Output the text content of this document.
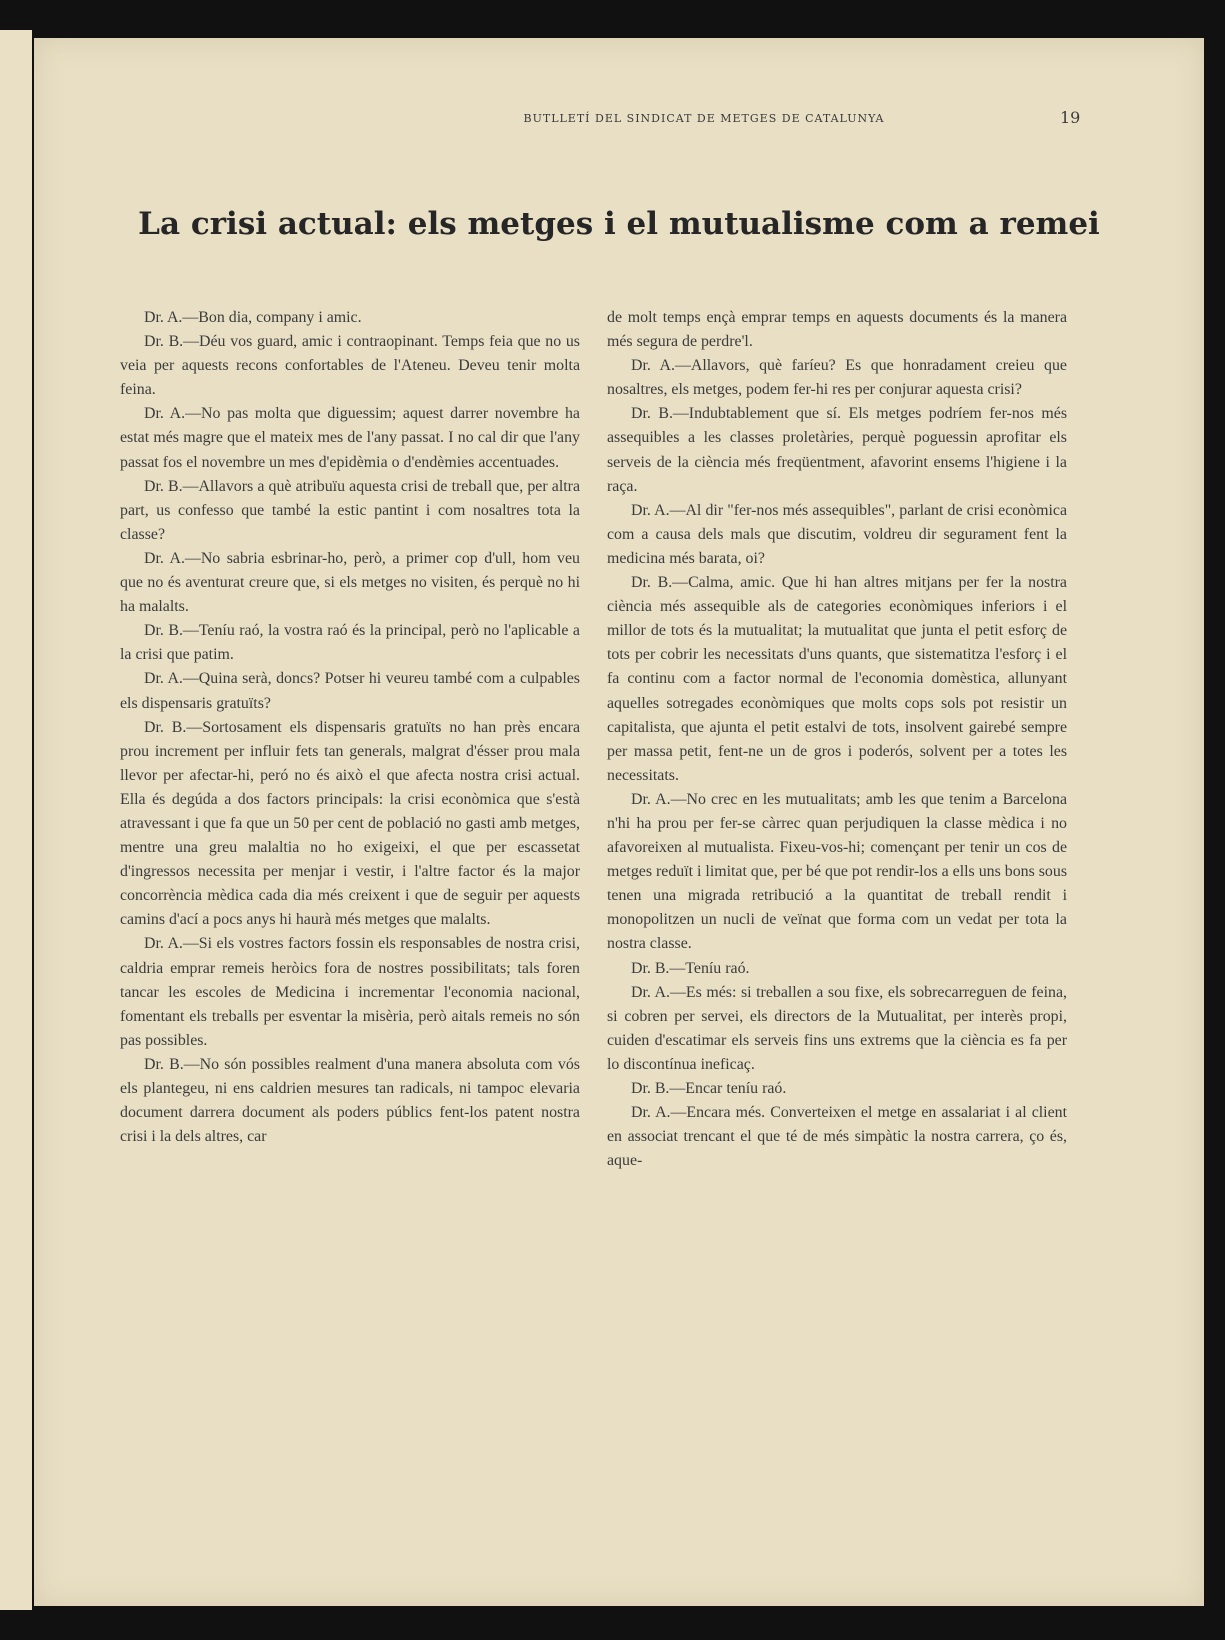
BUTLLETÍ DEL SINDICAT DE METGES DE CATALUNYA	19
La crisi actual: els metges i el mutualisme com a remei

Dr. A.—Bon dia, company i amic.

Dr. B.—Déu vos guard, amic i contraopinant. Temps feia que no us veia per aquests recons confortables de l'Ateneu. Deveu tenir molta feina.

Dr. A.—No pas molta que diguessim; aquest darrer novembre ha estat més magre que el mateix mes de l'any passat. I no cal dir que l'any passat fos el novembre un mes d'epidèmia o d'endèmies accentuades.

Dr. B.—Allavors a què atribuïu aquesta crisi de treball que, per altra part, us confesso que també la estic pantint i com nosaltres tota la classe?

Dr. A.—No sabria esbrinar-ho, però, a primer cop d'ull, hom veu que no és aventurat creure que, si els metges no visiten, és perquè no hi ha malalts.

Dr. B.—Teníu raó, la vostra raó és la principal, però no l'aplicable a la crisi que patim.

Dr. A.—Quina serà, doncs? Potser hi veureu també com a culpables els dispensaris gratuïts?

Dr. B.—Sortosament els dispensaris gratuïts no han près encara prou increment per influir fets tan generals, malgrat d'ésser prou mala llevor per afectar-hi, peró no és això el que afecta nostra crisi actual. Ella és degúda a dos factors principals: la crisi econòmica que s'està atravessant i que fa que un 50 per cent de població no gasti amb metges, mentre una greu malaltia no ho exigeixi, el que per escassetat d'ingressos necessita per menjar i vestir, i l'altre factor és la major concorrència mèdica cada dia més creixent i que de seguir per aquests camins d'ací a pocs anys hi haurà més metges que malalts.

Dr. A.—Si els vostres factors fossin els responsables de nostra crisi, caldria emprar remeis heròics fora de nostres possibilitats; tals foren tancar les escoles de Medicina i incrementar l'economia nacional, fomentant els treballs per esventar la misèria, però aitals remeis no són pas possibles.

Dr. B.—No són possibles realment d'una manera absoluta com vós els plantegeu, ni ens caldrien mesures tan radicals, ni tampoc elevaria document darrera document als poders públics fent-los patent nostra crisi i la dels altres, car

de molt temps ençà emprar temps en aquests documents és la manera més segura de perdre'l.

Dr. A.—Allavors, què faríeu? Es que honradament creieu que nosaltres, els metges, podem fer-hi res per conjurar aquesta crisi?

Dr. B.—Indubtablement que sí. Els metges podríem fer-nos més assequibles a les classes proletàries, perquè poguessin aprofitar els serveis de la ciència més freqüentment, afavorint ensems l'higiene i la raça.

Dr. A.—Al dir "fer-nos més assequibles", parlant de crisi econòmica com a causa dels mals que discutim, voldreu dir segurament fent la medicina més barata, oi?

Dr. B.—Calma, amic. Que hi han altres mitjans per fer la nostra ciència més assequible als de categories econòmiques inferiors i el millor de tots és la mutualitat; la mutualitat que junta el petit esforç de tots per cobrir les necessitats d'uns quants, que sistematitza l'esforç i el fa continu com a factor normal de l'economia domèstica, allunyant aquelles sotregades econòmiques que molts cops sols pot resistir un capitalista, que ajunta el petit estalvi de tots, insolvent gairebé sempre per massa petit, fent-ne un de gros i poderós, solvent per a totes les necessitats.

Dr. A.—No crec en les mutualitats; amb les que tenim a Barcelona n'hi ha prou per fer-se càrrec quan perjudiquen la classe mèdica i no afavoreixen al mutualista. Fixeu-vos-hi; començant per tenir un cos de metges reduït i limitat que, per bé que pot rendir-los a ells uns bons sous tenen una migrada retribució a la quantitat de treball rendit i monopolitzen un nucli de veïnat que forma com un vedat per tota la nostra classe.

Dr. B.—Teníu raó.

Dr. A.—Es més: si treballen a sou fixe, els sobrecarreguen de feina, si cobren per servei, els directors de la Mutualitat, per interès propi, cuiden d'escatimar els serveis fins uns extrems que la ciència es fa per lo discontínua ineficaç.

Dr. B.—Encar teníu raó.

Dr. A.—Encara més. Converteixen el metge en assalariat i al client en associat trencant el que té de més simpàtic la nostra carrera, ço és, aque-
